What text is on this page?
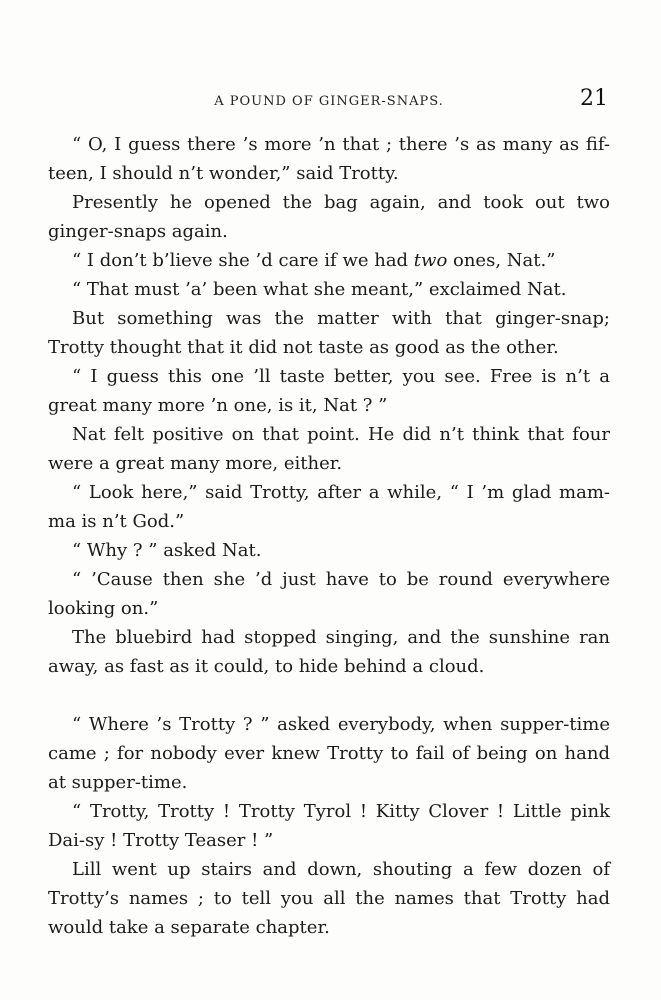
A POUND OF GINGER-SNAPS.	21

“ O, I guess there ’s more ’n that ; there ’s as many as fif-teen, I should n’t wonder,” said Trotty.

Presently he opened the bag again, and took out two ginger-snaps again.

“ I don’t b’lieve she ’d care if we had two ones, Nat.”

“ That must ’a’ been what she meant,” exclaimed Nat.

But something was the matter with that ginger-snap; Trotty thought that it did not taste as good as the other.

“ I guess this one ’ll taste better, you see. Free is n’t a great many more ’n one, is it, Nat ? ”

Nat felt positive on that point. He did n’t think that four were a great many more, either.

“ Look here,” said Trotty, after a while, “ I ’m glad mam-ma is n’t God.”

“ Why ? ” asked Nat.

“ ’Cause then she ’d just have to be round everywhere looking on.”

The bluebird had stopped singing, and the sunshine ran away, as fast as it could, to hide behind a cloud.

“ Where ’s Trotty ? ” asked everybody, when supper-time came ; for nobody ever knew Trotty to fail of being on hand at supper-time.

“ Trotty, Trotty ! Trotty Tyrol ! Kitty Clover ! Little pink Dai-sy ! Trotty Teaser ! ”

Lill went up stairs and down, shouting a few dozen of Trotty’s names ; to tell you all the names that Trotty had would take a separate chapter.
